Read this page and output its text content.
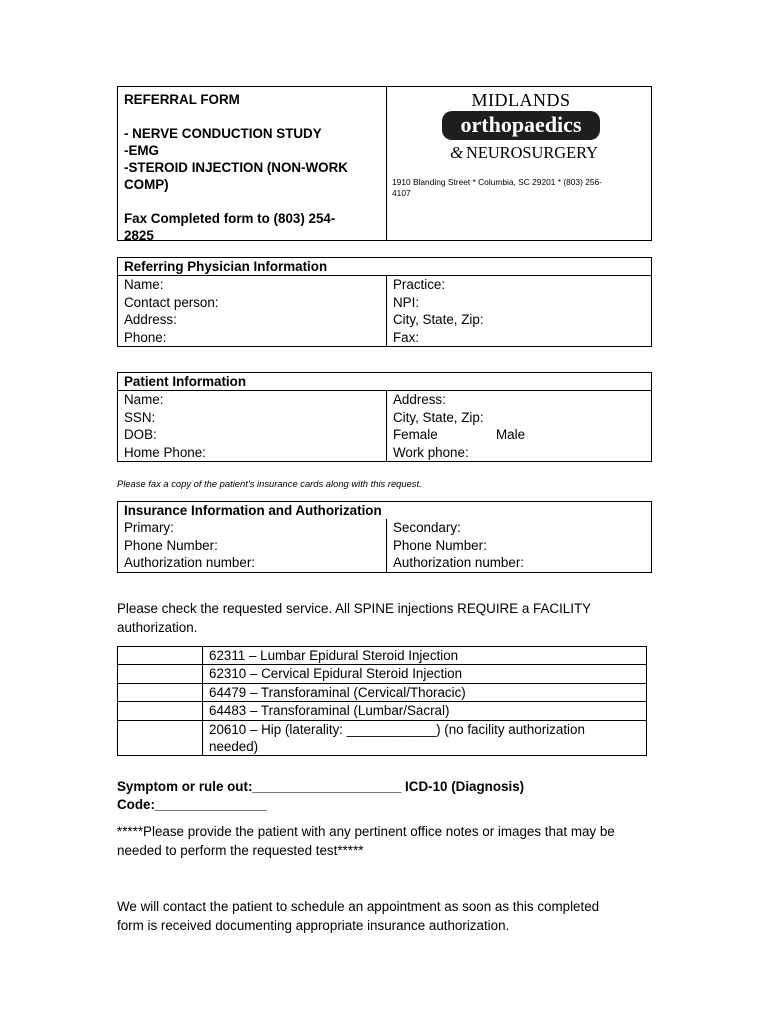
REFERRAL FORM
- NERVE CONDUCTION STUDY
-EMG
-STEROID INJECTION (NON-WORK
COMP)
Fax Completed form to (803) 254-
2825
MIDLANDS
orthopaedics
& NEUROSURGERY
1910 Blanding Street * Columbia, SC 29201 * (803) 256-
4107
Referring Physician Information	
Name:	Practice:
Contact person:	NPI:
Address:	City, State, Zip:
Phone:	Fax:
Patient Information	
Name:	Address:
SSN:	City, State, Zip:
DOB:	Female Male
Home Phone:	Work phone:
Please fax a copy of the patient’s insurance cards along with this request.
Insurance Information and Authorization	
Primary:	Secondary:
Phone Number:	Phone Number:
Authorization number:	Authorization number:
Please check the requested service. All SPINE injections REQUIRE a FACILITY
authorization.
	62311 – Lumbar Epidural Steroid Injection
	62310 – Cervical Epidural Steroid Injection
	64479 – Transforaminal (Cervical/Thoracic)
	64483 – Transforaminal (Lumbar/Sacral)

	20610 – Hip (laterality: ____________) (no facility authorization
needed)
Symptom or rule out:____________________ ICD-10 (Diagnosis)
Code:_______________
*****Please provide the patient with any pertinent office notes or images that may be
needed to perform the requested test*****
We will contact the patient to schedule an appointment as soon as this completed
form is received documenting appropriate insurance authorization.
